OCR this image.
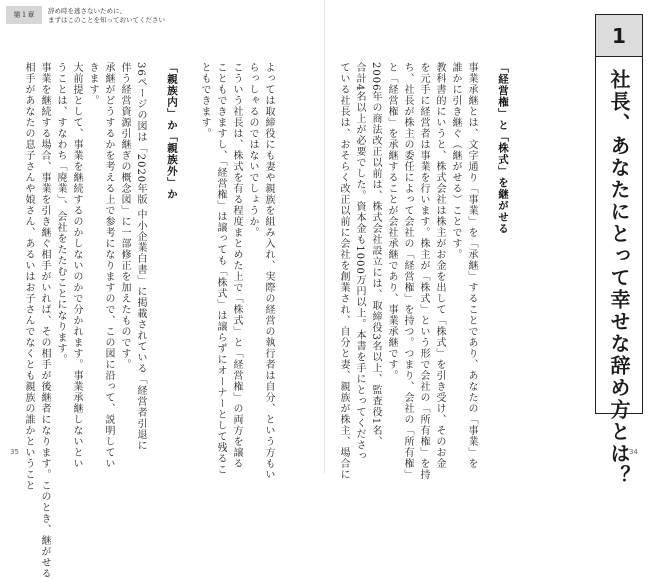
第１章	辞め時を逃さないために、
まずはこのことを知っておいてください
よっては取締役にも妻や親族を組み入れ、実際の経営の執行者は自分、という方もい
らっしゃるのではないでしょうか。
こういう社長は、株式を有る程度まとめた上で「株式」と「経営権」の両方を譲る
こともできますし、「経営権」は譲っても「株式」は譲らずにオーナーとして残るこ
ともできます。
「親族内」か「親族外」か
36ページの図は「2020年版 中小企業白書」に掲載されている「経営者引退に
伴う経営資源引継ぎの概念図」に一部修正を加えたものです。
承継がどうするかを考える上で参考になりますので、この図に沿って、説明してい
きます。
大前提として、事業を継続するのかしないのかで分かれます。事業承継しないとい
うことは、すなわち「廃業」、会社をたたむことになります。
事業を継続する場合、事業を引き継ぐ相手がいれば、その相手が後継者になります。このとき、継がせる
相手があなたの息子さんや娘さん、あるいはお子さんでなくとも親族の誰かということ
35
「経営権」と「株式」を継がせる
事業承継とは、文字通り「事業」を「承継」することであり、あなたの「事業」を
誰かに引き継ぐ（継がせる）ことです。
教科書的にいうと、株式会社は株主がお金を出して「株式」を引き受け、そのお金
を元手に経営者は事業を行います。株主が「株式」という形で会社の「所有権」を持
ち、社長が株主の委任によって会社の「経営権」を持つ。つまり、会社の「所有権」
と「経営権」を承継することが会社承継であり、事業承継です。
2006年の商法改正以前は、株式会社設立には、取締役3名以上、監査役1名、
合計4名以上が必要でした。資本金も1000万円以上。本書を手にとってくださっ
ている社長は、おそらく改正以前に会社を創業され、自分と妻、親族が株主、場合に
1
社長、あなたにとって幸せな辞め方とは？
34
